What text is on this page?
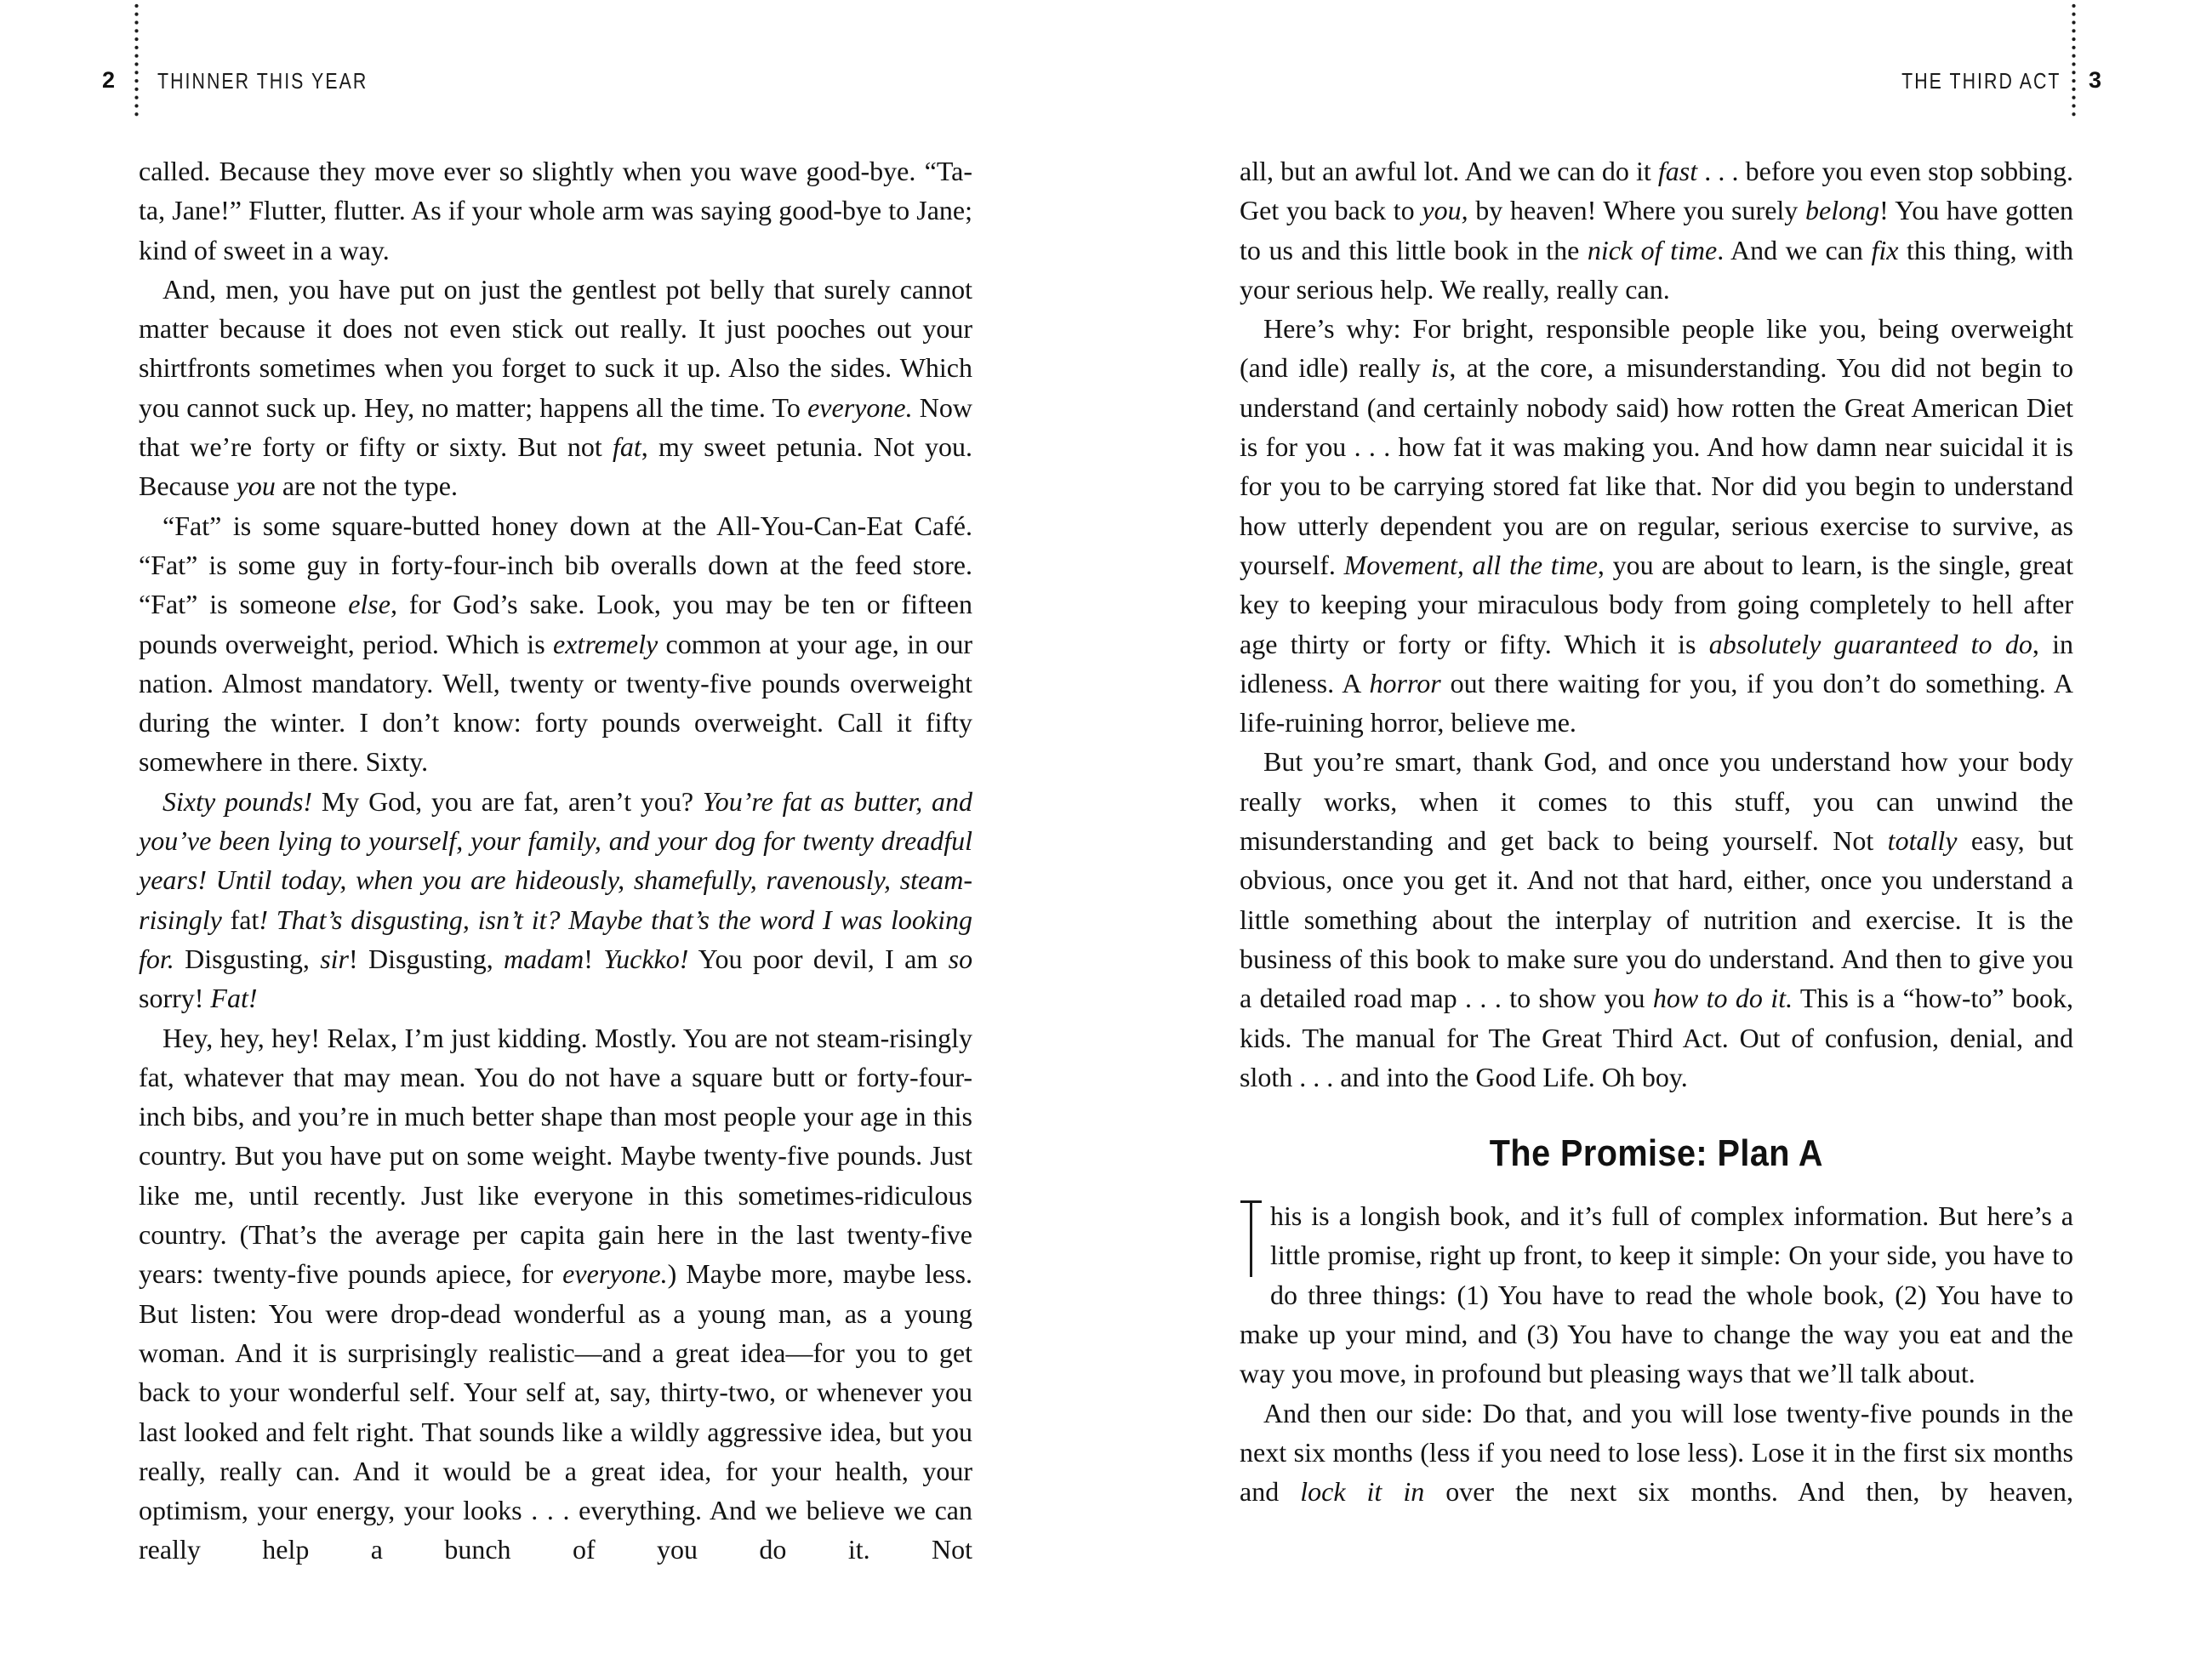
2 THINNER THIS YEAR	THE THIRD ACT 3

called. Because they move ever so slightly when you wave good-bye. “Ta-ta, Jane!” Flutter, flutter. As if your whole arm was saying good-bye to Jane; kind of sweet in a way.

And, men, you have put on just the gentlest pot belly that surely cannot matter because it does not even stick out really. It just pooches out your shirtfronts sometimes when you forget to suck it up. Also the sides. Which you cannot suck up. Hey, no matter; happens all the time. To everyone. Now that we’re forty or fifty or sixty. But not fat, my sweet petunia. Not you. Because you are not the type.

“Fat” is some square-butted honey down at the All-You-Can-Eat Café. “Fat” is some guy in forty-four-inch bib overalls down at the feed store. “Fat” is someone else, for God’s sake. Look, you may be ten or fifteen pounds overweight, period. Which is extremely common at your age, in our nation. Almost mandatory. Well, twenty or twenty-five pounds overweight during the winter. I don’t know: forty pounds overweight. Call it fifty somewhere in there. Sixty.

Sixty pounds! My God, you are fat, aren’t you? You’re fat as butter, and you’ve been lying to yourself, your family, and your dog for twenty dreadful years! Until today, when you are hideously, shamefully, ravenously, steam-risingly fat! That’s disgusting, isn’t it? Maybe that’s the word I was looking for. Disgusting, sir! Disgusting, madam! Yuckko! You poor devil, I am so sorry! Fat!

Hey, hey, hey! Relax, I’m just kidding. Mostly. You are not steam-risingly fat, whatever that may mean. You do not have a square butt or forty-four-inch bibs, and you’re in much better shape than most people your age in this country. But you have put on some weight. Maybe twenty-five pounds. Just like me, until recently. Just like everyone in this sometimes-ridiculous country. (That’s the average per capita gain here in the last twenty-five years: twenty-five pounds apiece, for everyone.) Maybe more, maybe less. But listen: You were drop-dead wonderful as a young man, as a young woman. And it is surprisingly realistic—and a great idea—for you to get back to your wonderful self. Your self at, say, thirty-two, or whenever you last looked and felt right. That sounds like a wildly aggressive idea, but you really, really can. And it would be a great idea, for your health, your optimism, your energy, your looks . . . everything. And we believe we can really help a bunch of you do it. Not

all, but an awful lot. And we can do it fast . . . before you even stop sobbing. Get you back to you, by heaven! Where you surely belong! You have gotten to us and this little book in the nick of time. And we can fix this thing, with your serious help. We really, really can.

Here’s why: For bright, responsible people like you, being overweight (and idle) really is, at the core, a misunderstanding. You did not begin to understand (and certainly nobody said) how rotten the Great American Diet is for you . . . how fat it was making you. And how damn near suicidal it is for you to be carrying stored fat like that. Nor did you begin to understand how utterly dependent you are on regular, serious exercise to survive, as yourself. Movement, all the time, you are about to learn, is the single, great key to keeping your miraculous body from going completely to hell after age thirty or forty or fifty. Which it is absolutely guaranteed to do, in idleness. A horror out there waiting for you, if you don’t do something. A life-ruining horror, believe me.

But you’re smart, thank God, and once you understand how your body really works, when it comes to this stuff, you can unwind the misunderstanding and get back to being yourself. Not totally easy, but obvious, once you get it. And not that hard, either, once you understand a little something about the interplay of nutrition and exercise. It is the business of this book to make sure you do understand. And then to give you a detailed road map . . . to show you how to do it. This is a “how-to” book, kids. The manual for The Great Third Act. Out of confusion, denial, and sloth . . . and into the Good Life. Oh boy.

The Promise: Plan A

his is a longish book, and it’s full of complex information. But here’s a little promise, right up front, to keep it simple: On your side, you have to do three things: (1) You have to read the whole book, (2) You have to make up your mind, and (3) You have to change the way you eat and the way you move, in profound but pleasing ways that we’ll talk about.

And then our side: Do that, and you will lose twenty-five pounds in the next six months (less if you need to lose less). Lose it in the first six months and lock it in over the next six months. And then, by heaven,
